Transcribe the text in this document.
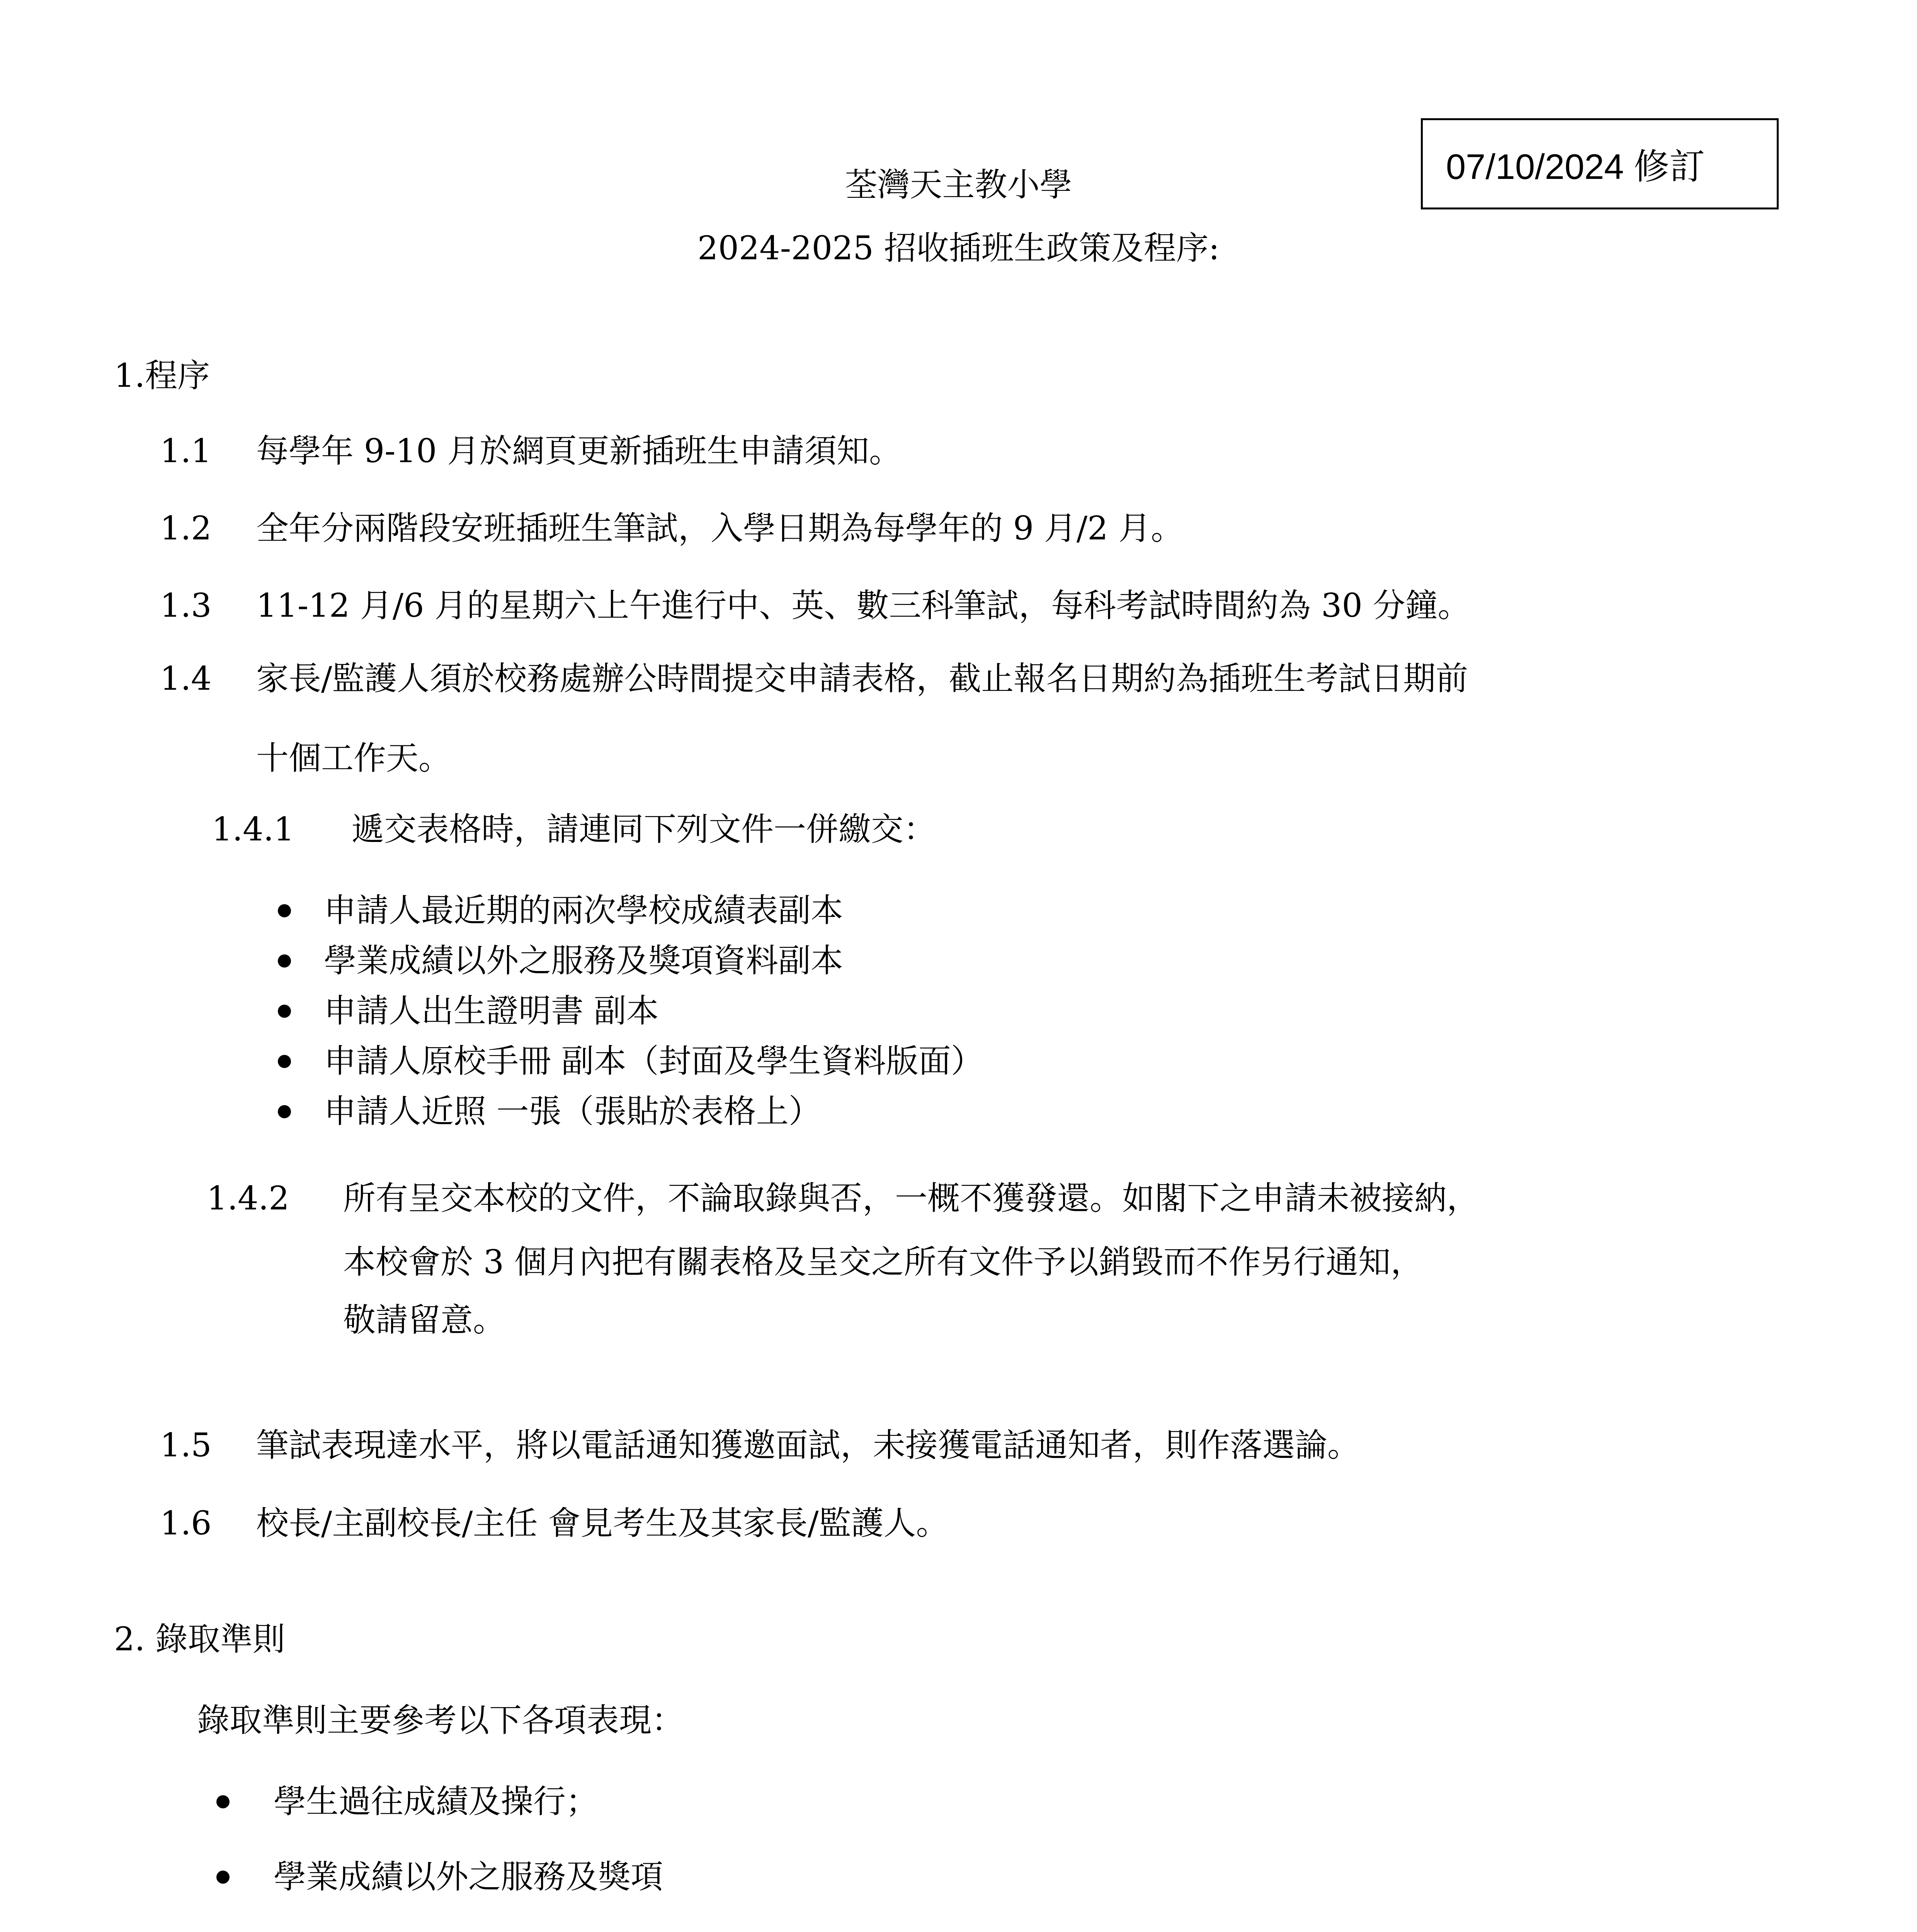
07/10/2024 修訂
荃灣天主教小學
2024-2025 招收插班生政策及程序:
1.程序
1.1 每學年 9-10 月於網頁更新插班生申請須知。
1.2 全年分兩階段安班插班生筆試，入學日期為每學年的 9 月/2 月。
1.3 11-12 月/6 月的星期六上午進行中、英、數三科筆試，每科考試時間約為 30 分鐘。
1.4 家長/監護人須於校務處辦公時間提交申請表格，截止報名日期約為插班生考試日期前
十個工作天。
1.4.1 遞交表格時，請連同下列文件一併繳交：
申請人最近期的兩次學校成績表副本
學業成績以外之服務及獎項資料副本
申請人出生證明書 副本
申請人原校手冊 副本（封面及學生資料版面）
申請人近照 一張（張貼於表格上）
1.4.2 所有呈交本校的文件，不論取錄與否，一概不獲發還。如閣下之申請未被接納，
本校會於 3 個月內把有關表格及呈交之所有文件予以銷毀而不作另行通知，
敬請留意。
1.5 筆試表現達水平，將以電話通知獲邀面試，未接獲電話通知者，則作落選論。
1.6 校長/主副校長/主任 會見考生及其家長/監護人。
2. 錄取準則
錄取準則主要參考以下各項表現：
學生過往成績及操行；
學業成績以外之服務及獎項
